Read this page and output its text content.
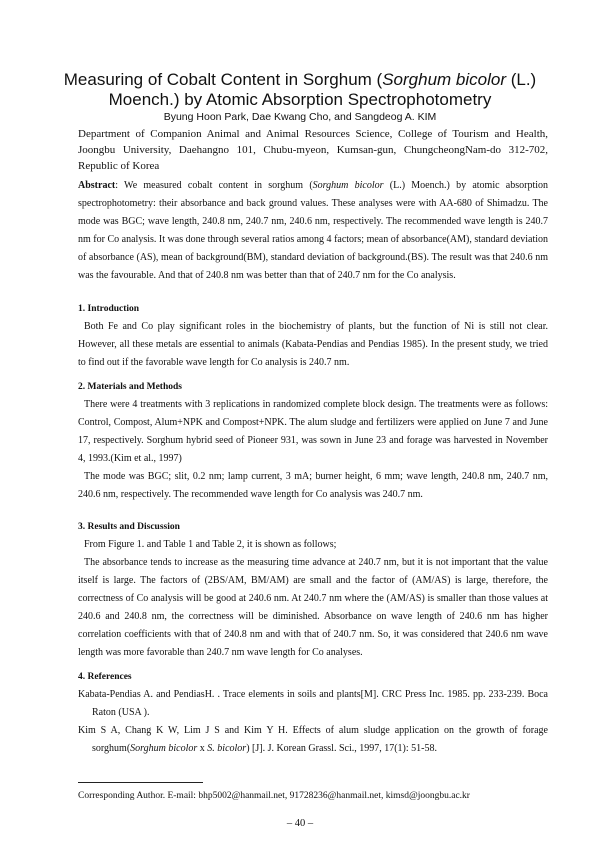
Measuring of Cobalt Content in Sorghum (Sorghum bicolor (L.)
Moench.) by Atomic Absorption Spectrophotometry
Byung Hoon Park, Dae Kwang Cho, and Sangdeog A. KIM
Department of Companion Animal and Animal Resources Science, College of Tourism and Health, Joongbu University, Daehangno 101, Chubu-myeon, Kumsan-gun, ChungcheongNam-do 312-702, Republic of Korea

Abstract: We measured cobalt content in sorghum (Sorghum bicolor (L.) Moench.) by atomic absorption spectrophotometry: their absorbance and back ground values. These analyses were with AA-680 of Shimadzu. The mode was BGC; wave length, 240.8 nm, 240.7 nm, 240.6 nm, respectively. The recommended wave length is 240.7 nm for Co analysis. It was done through several ratios among 4 factors; mean of absorbance(AM), standard deviation of absorbance (AS), mean of background(BM), standard deviation of background.(BS). The result was that 240.6 nm was the favourable. And that of 240.8 nm was better than that of 240.7 nm for the Co analysis.

1. Introduction

Both Fe and Co play significant roles in the biochemistry of plants, but the function of Ni is still not clear. However, all these metals are essential to animals (Kabata-Pendias and Pendias 1985). In the present study, we tried to find out if the favorable wave length for Co analysis is 240.7 nm.

2. Materials and Methods

There were 4 treatments with 3 replications in randomized complete block design. The treatments were as follows: Control, Compost, Alum+NPK and Compost+NPK. The alum sludge and fertilizers were applied on June 7 and June 17, respectively. Sorghum hybrid seed of Pioneer 931, was sown in June 23 and forage was harvested in November 4, 1993.(Kim et al., 1997)

The mode was BGC; slit, 0.2 nm; lamp current, 3 mA; burner height, 6 mm; wave length, 240.8 nm, 240.7 nm, 240.6 nm, respectively. The recommended wave length for Co analysis was 240.7 nm.

3. Results and Discussion

From Figure 1. and Table 1 and Table 2, it is shown as follows;

The absorbance tends to increase as the measuring time advance at 240.7 nm, but it is not important that the value itself is large. The factors of (2BS/AM, BM/AM) are small and the factor of (AM/AS) is large, therefore, the correctness of Co analysis will be good at 240.6 nm. At 240.7 nm where the (AM/AS) is smaller than those values at 240.6 and 240.8 nm, the correctness will be diminished. Absorbance on wave length of 240.6 nm has higher correlation coefficients with that of 240.8 nm and with that of 240.7 nm. So, it was considered that 240.6 nm wave length was more favorable than 240.7 nm wave length for Co analyses.

4. References

Kabata-Pendias A. and PendiasH. . Trace elements in soils and plants[M]. CRC Press Inc. 1985. pp. 233-239. Boca Raton (USA ).

Kim S A, Chang K W, Lim J S and Kim Y H. Effects of alum sludge application on the growth of forage sorghum(Sorghum bicolor x S. bicolor) [J]. J. Korean Grassl. Sci., 1997, 17(1): 51-58.

Corresponding Author. E-mail: bhp5002@hanmail.net, 91728236@hanmail.net, kimsd@joongbu.ac.kr
– 40 –
